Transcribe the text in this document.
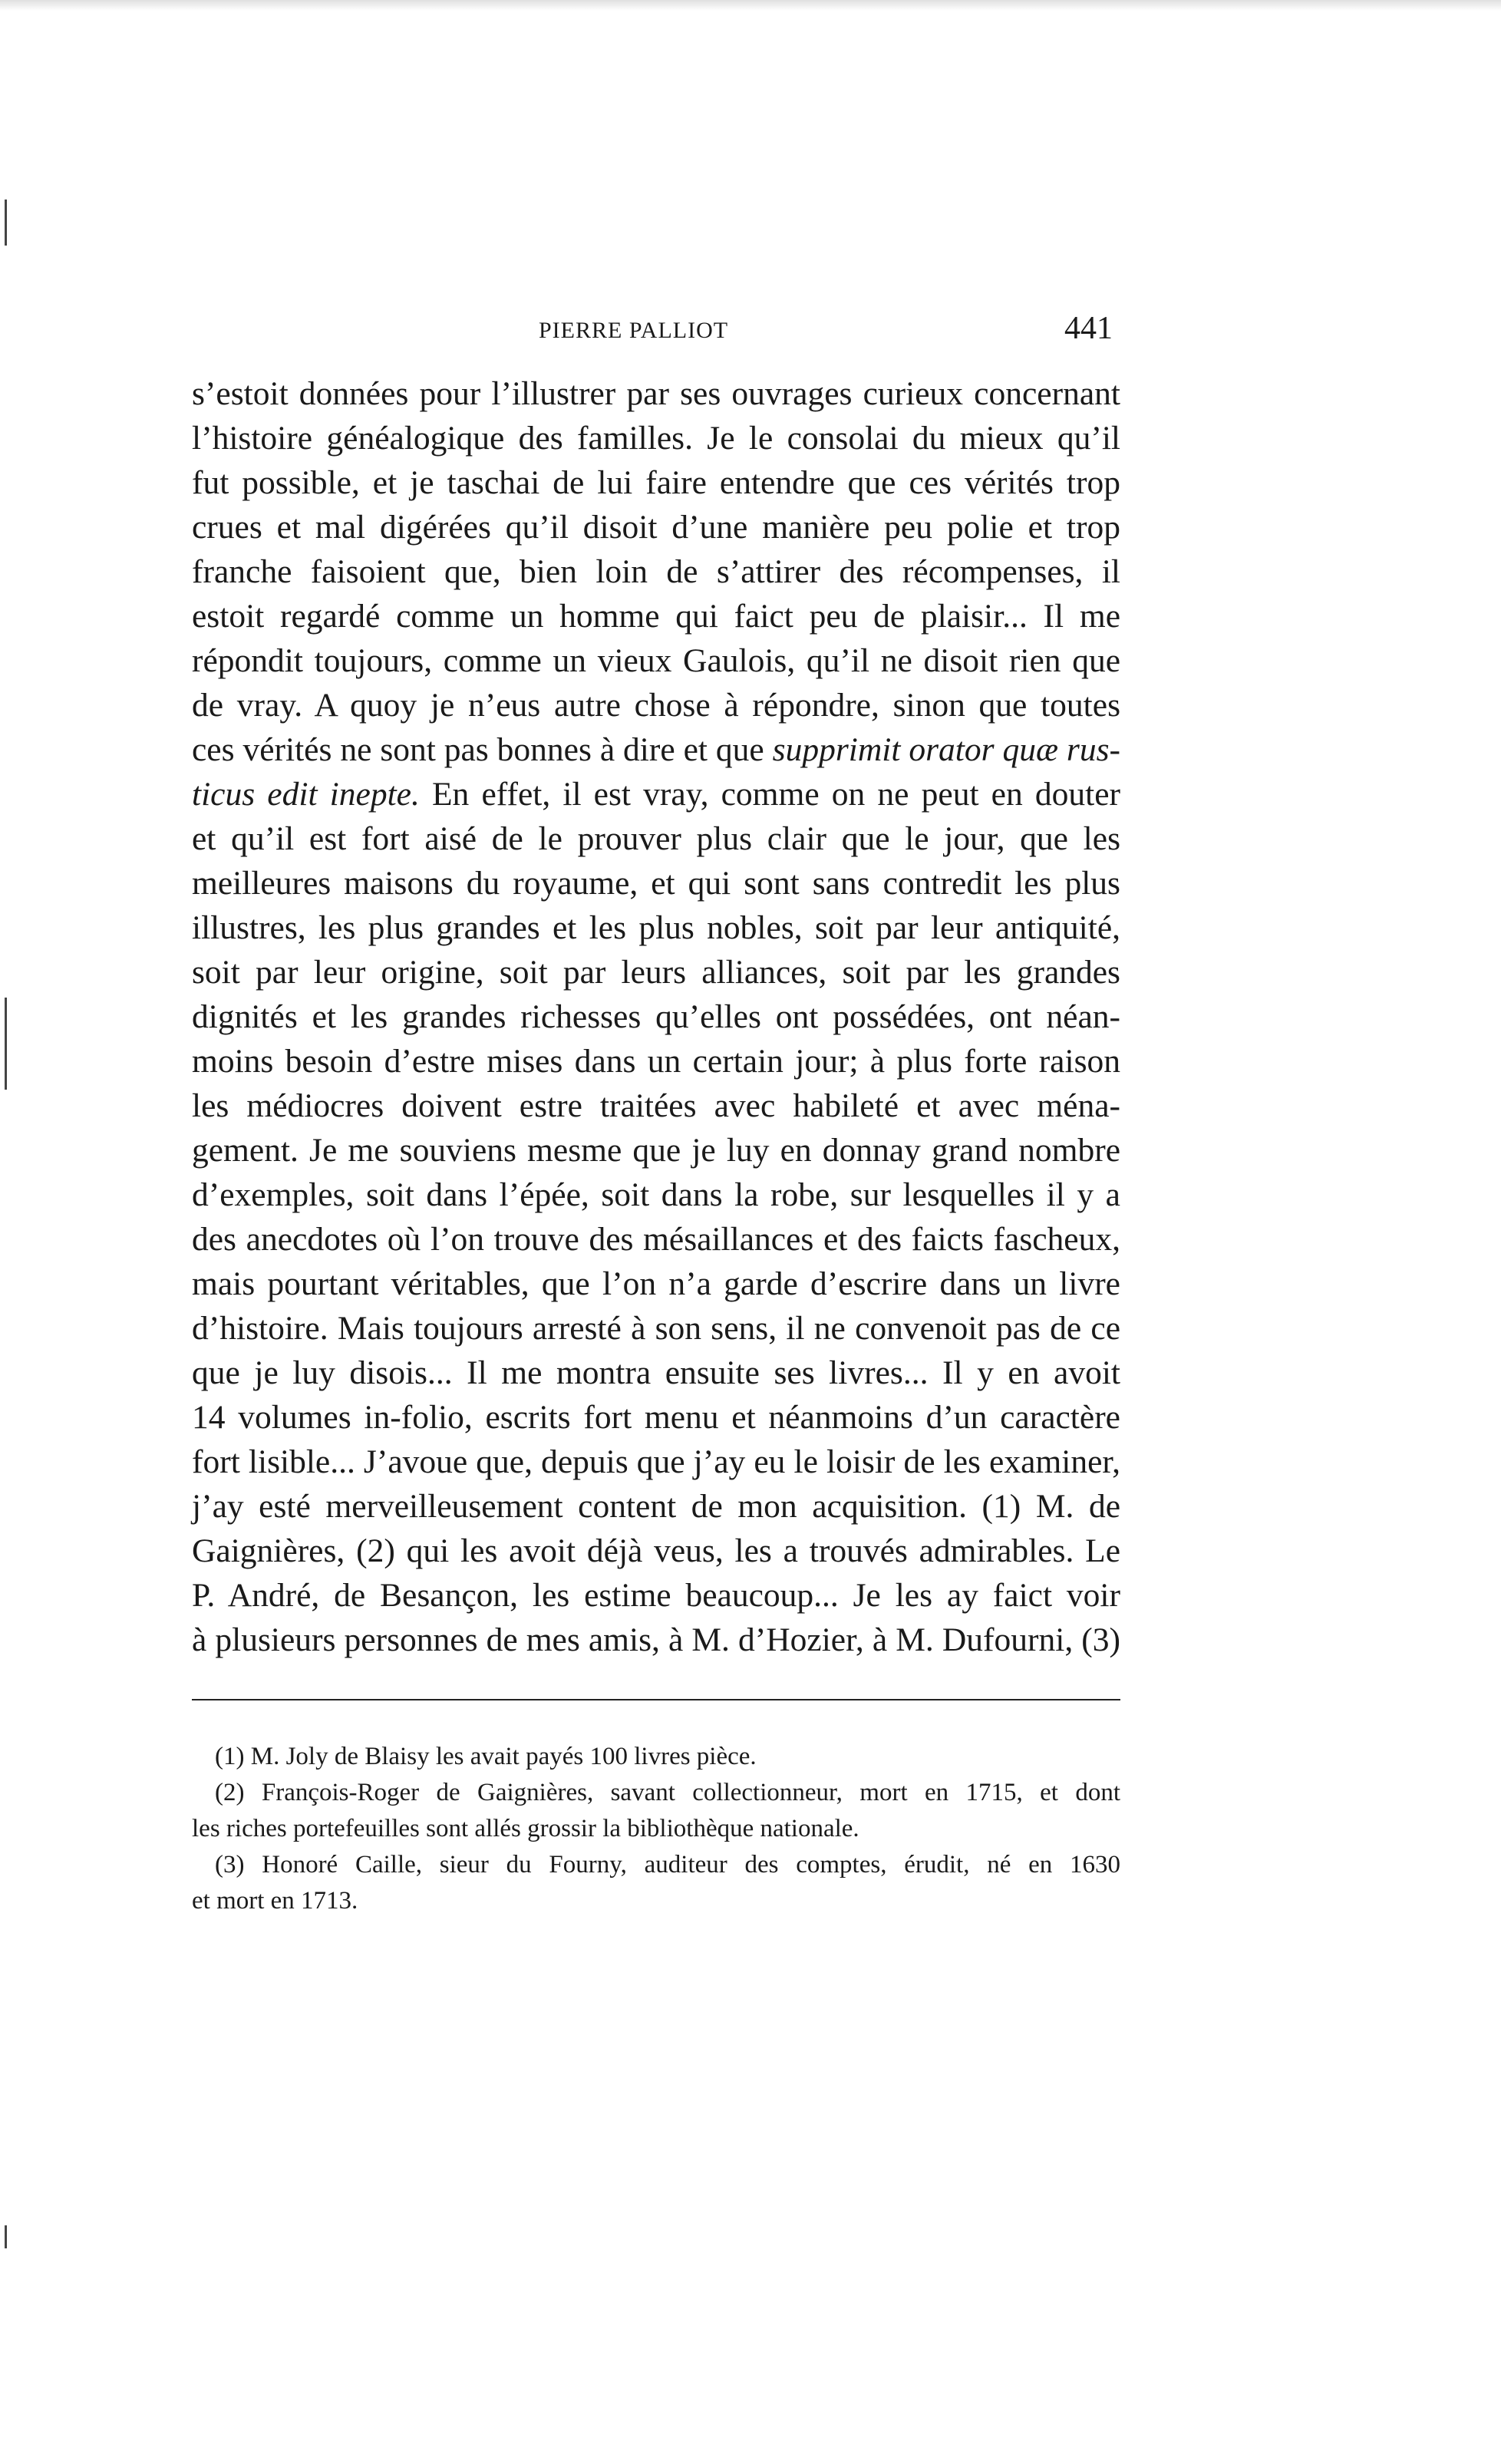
PIERRE PALLIOT	441
s’estoit données pour l’illustrer par ses ouvrages curieux concernant
l’histoire généalogique des familles. Je le consolai du mieux qu’il
fut possible, et je taschai de lui faire entendre que ces vérités trop
crues et mal digérées qu’il disoit d’une manière peu polie et trop
franche faisoient que, bien loin de s’attirer des récompenses, il
estoit regardé comme un homme qui faict peu de plaisir... Il me
répondit toujours, comme un vieux Gaulois, qu’il ne disoit rien que
de vray. A quoy je n’eus autre chose à répondre, sinon que toutes
ces vérités ne sont pas bonnes à dire et que supprimit orator quæ rus-
ticus edit inepte. En effet, il est vray, comme on ne peut en douter
et qu’il est fort aisé de le prouver plus clair que le jour, que les
meilleures maisons du royaume, et qui sont sans contredit les plus
illustres, les plus grandes et les plus nobles, soit par leur antiquité,
soit par leur origine, soit par leurs alliances, soit par les grandes
dignités et les grandes richesses qu’elles ont possédées, ont néan-
moins besoin d’estre mises dans un certain jour; à plus forte raison
les médiocres doivent estre traitées avec habileté et avec ména-
gement. Je me souviens mesme que je luy en donnay grand nombre
d’exemples, soit dans l’épée, soit dans la robe, sur lesquelles il y a
des anecdotes où l’on trouve des mésaillances et des faicts fascheux,
mais pourtant véritables, que l’on n’a garde d’escrire dans un livre
d’histoire. Mais toujours arresté à son sens, il ne convenoit pas de ce
que je luy disois... Il me montra ensuite ses livres... Il y en avoit
14 volumes in-folio, escrits fort menu et néanmoins d’un caractère
fort lisible... J’avoue que, depuis que j’ay eu le loisir de les examiner,
j’ay esté merveilleusement content de mon acquisition. (1) M. de
Gaignières, (2) qui les avoit déjà veus, les a trouvés admirables. Le
P. André, de Besançon, les estime beaucoup... Je les ay faict voir
à plusieurs personnes de mes amis, à M. d’Hozier, à M. Dufourni, (3)
(1) M. Joly de Blaisy les avait payés 100 livres pièce.
(2) François-Roger de Gaignières, savant collectionneur, mort en 1715, et dont
les riches portefeuilles sont allés grossir la bibliothèque nationale.
(3) Honoré Caille, sieur du Fourny, auditeur des comptes, érudit, né en 1630
et mort en 1713.
